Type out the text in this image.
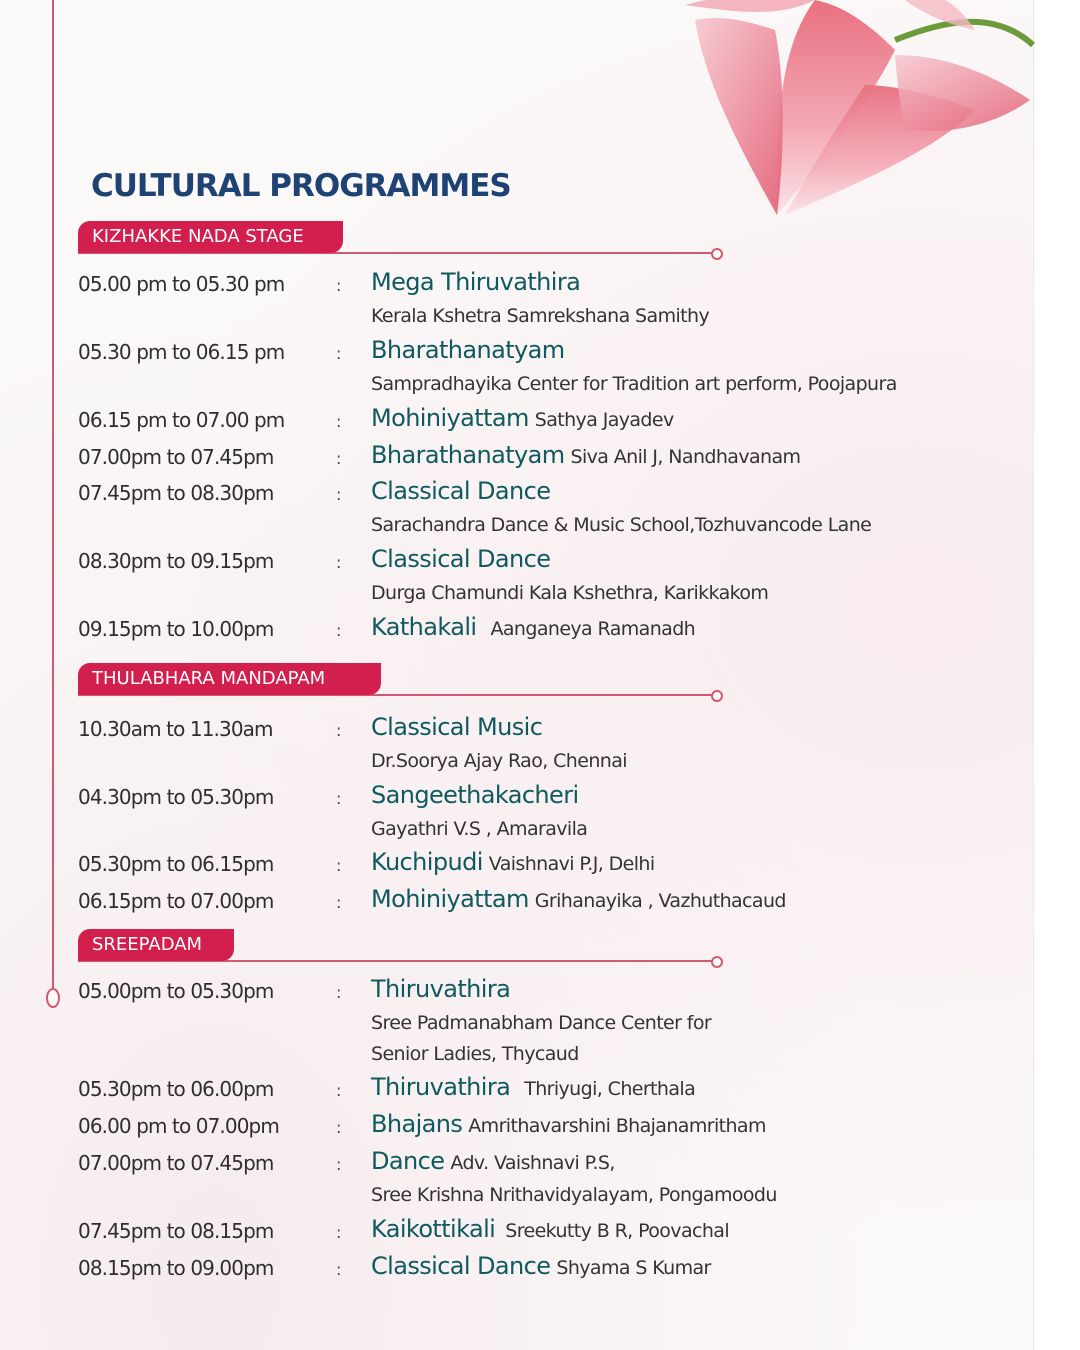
CULTURAL PROGRAMMES
KIZHAKKE NADA STAGE
05.00 pm to 05.30 pm	: Mega Thiruvathira
Kerala Kshetra Samrekshana Samithy
05.30 pm to 06.15 pm	: Bharathanatyam
Sampradhayika Center for Tradition art perform, Poojapura
06.15 pm to 07.00 pm	: Mohiniyattam Sathya Jayadev
07.00pm to 07.45pm	: Bharathanatyam Siva Anil J, Nandhavanam
07.45pm to 08.30pm	: Classical Dance
Sarachandra Dance & Music School,Tozhuvancode Lane
08.30pm to 09.15pm	: Classical Dance
Durga Chamundi Kala Kshethra, Karikkakom
09.15pm to 10.00pm	: Kathakali Aanganeya Ramanadh
THULABHARA MANDAPAM
10.30am to 11.30am	: Classical Music
Dr.Soorya Ajay Rao, Chennai
04.30pm to 05.30pm	: Sangeethakacheri
Gayathri V.S , Amaravila
05.30pm to 06.15pm	: Kuchipudi Vaishnavi P.J, Delhi
06.15pm to 07.00pm	: Mohiniyattam Grihanayika , Vazhuthacaud
SREEPADAM
05.00pm to 05.30pm	: Thiruvathira
Sree Padmanabham Dance Center for
Senior Ladies, Thycaud
05.30pm to 06.00pm	: Thiruvathira Thriyugi, Cherthala
06.00 pm to 07.00pm	: Bhajans Amrithavarshini Bhajanamritham
07.00pm to 07.45pm	: Dance Adv. Vaishnavi P.S,
Sree Krishna Nrithavidyalayam, Pongamoodu
07.45pm to 08.15pm	: Kaikottikali Sreekutty B R, Poovachal
08.15pm to 09.00pm	: Classical Dance Shyama S Kumar
